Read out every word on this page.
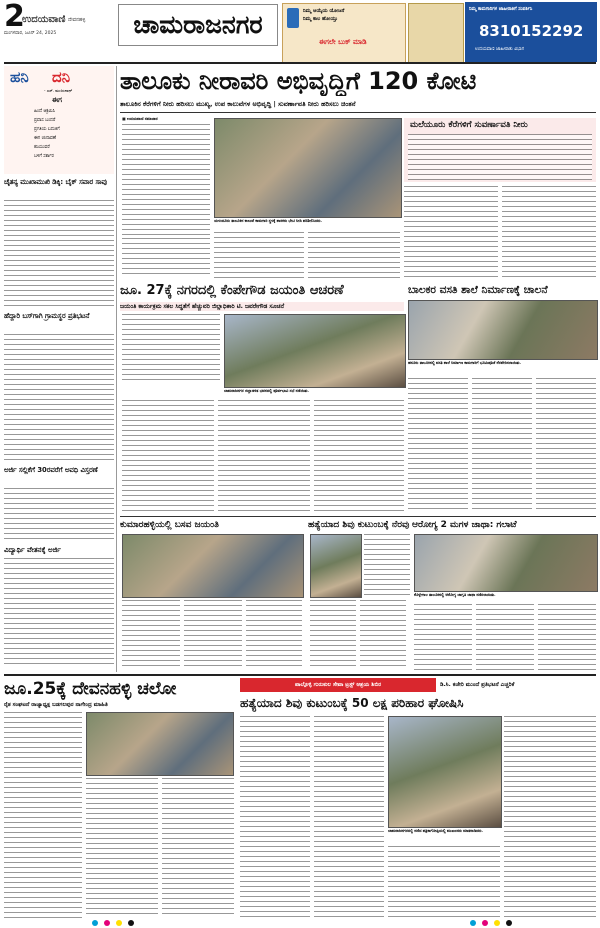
2
ಉದಯವಾಣಿ ದೇವನಹಳ್ಳಿ
ಮಂಗಳವಾರ, ಜೂನ್ 24, 2025	ಚಾಮರಾಜನಗರ	ನಿಮ್ಮ ಆಯ್ಕೆಯ ಯೋಜನೆ
ನಿಮ್ಮ ಕಾಲ ಹೋಯ್ತು
ಈಗಲೇ ಬುಕ್ ಮಾಡಿ
ನಿಮ್ಮ ಕಾಮಗಾರಿಗಳ ಜಾಹೀರಾತಿಗೆ ಸಂಪರ್ಕಿಸಿ
8310152292
ಉದಯವಾಣಿ ಜಾಹೀರಾತು ವಿಭಾಗ
ಹನಿ ದನಿ
- ಎಸ್. ಮಂಜುನಾಥ್
ಈಗ
ಹಿಂದೆ ಆಕ್ರಮಿಸಿ
ಪ್ರವಾಸ ಬಂದರೆ
ಪ್ರಗತಿಯ ಬದುಕಿಗೆ
ಈಗ ಚುನಾವಣೆ
ಕಸಿಯುವರೆ
ಬಳಿಗೆ ಸರ್ಕಾರ
ಚೈತನ್ಯ ಮುಖಾಮುಖಿ ಡಿಕ್ಕಿ: ಬೈಕ್ ಸವಾರ ಸಾವು
ಹೆದ್ದಾರಿ ಬಸ್‌ಗಾಗಿ ಗ್ರಾಮಸ್ಥರ ಪ್ರತಿಭಟನೆ
ಅರ್ಜಿ ಸಲ್ಲಿಕೆಗೆ 30ರವರೆಗೆ ಅವಧಿ ವಿಸ್ತರಣೆ
ವಿದ್ಯಾರ್ಥಿ ವೇತನಕ್ಕೆ ಅರ್ಜಿ
ತಾಲೂಕು ನೀರಾವರಿ ಅಭಿವೃದ್ಧಿಗೆ 120 ಕೋಟಿ
ತಾಲೂಕಿನ ಕೆರೆಗಳಿಗೆ ನೀರು ಹರಿಸಲು ಮುಖ್ಯ, ಉಪ ಕಾಲುವೆಗಳ ಅಭಿವೃದ್ಧಿ | ಸುವರ್ಣಾವತಿ ನೀರು ಹರಿಸಲು ಚಿಂತನೆ
■ ಉದಯವಾಣಿ ಸಮಾಚಾರ
ಯಳಂದೂರು ತಾಲೂಕಿನ ಕಾಲುವೆ ಕಾಮಗಾರಿ ಸ್ಥಳಕ್ಕೆ ಶಾಸಕರು ಭೇಟಿ ನೀಡಿ ಪರಿಶೀಲಿಸಿದರು.
ಮಲೆಯೂರು ಕೆರೆಗಳಿಗೆ ಸುವರ್ಣಾವತಿ ನೀರು
ಜೂ. 27ಕ್ಕೆ ನಗರದಲ್ಲಿ ಕೆಂಪೇಗೌಡ ಜಯಂತಿ ಆಚರಣೆ
ಜಯಂತಿ ಕಾರ್ಯಕ್ರಮ ಸಕಲ ಸಿದ್ಧತೆಗೆ ಹೆಚ್ಚುವರಿ ಜಿಲ್ಲಾಧಿಕಾರಿ ಟಿ. ಜವರೇಗೌಡ ಸೂಚನೆ
ಚಾಮರಾಜನಗರ ಜಿಲ್ಲಾಡಳಿತ ಭವನದಲ್ಲಿ ಪೂರ್ವಭಾವಿ ಸಭೆ ನಡೆಯಿತು.
ಬಾಲಕರ ವಸತಿ ಶಾಲೆ ನಿರ್ಮಾಣಕ್ಕೆ ಚಾಲನೆ
ಹನೂರು ತಾಲೂಕಿನಲ್ಲಿ ವಸತಿ ಶಾಲೆ ನಿರ್ಮಾಣ ಕಾಮಗಾರಿಗೆ ಭೂಮಿಪೂಜೆ ನೆರವೇರಿಸಲಾಯಿತು.
ಕುಮಾರಹಳ್ಳಿಯಲ್ಲಿ ಬಸವ ಜಯಂತಿ	ಹತ್ಯೆಯಾದ ಶಿವು ಕುಟುಂಬಕ್ಕೆ ನೆರವು ಆರೋಗ್ಯ 2 ಮಗಳ ಜಾಥಾ: ಗಲಾಟೆ
ಕೊಳ್ಳೇಗಾಲ ತಾಲೂಕಿನಲ್ಲಿ ಆರೋಗ್ಯ ಜಾಗೃತಿ ಜಾಥಾ ನಡೆಸಲಾಯಿತು.
ಜೂ.25ಕ್ಕೆ ದೇವನಹಳ್ಳಿ ಚಲೋ
ರೈತ ಸಂಘಟನೆ ರಾಜ್ಯಾಧ್ಯಕ್ಷ ಬಡಗಲಪುರ ನಾಗೇಂದ್ರ ಮಾಹಿತಿ
ಪಾಲ್ಗೊಳ್ಳಿ ಗುರುಕುಲ ಸೇವಾ ಟ್ರಸ್ಟ್ ಆಶ್ರಯ ಶಿಬಿರ	ಡಿ.ಸಿ. ಕಚೇರಿ ಮುಂದೆ ಪ್ರತಿಭಟನೆ ಎಚ್ಚರಿಕೆ
ಹತ್ಯೆಯಾದ ಶಿವು ಕುಟುಂಬಕ್ಕೆ 50 ಲಕ್ಷ ಪರಿಹಾರ ಘೋಷಿಸಿ
ಚಾಮರಾಜನಗರದಲ್ಲಿ ನಡೆದ ಪತ್ರಿಕಾಗೋಷ್ಠಿಯಲ್ಲಿ ಮುಖಂಡರು ಮಾತನಾಡಿದರು.
